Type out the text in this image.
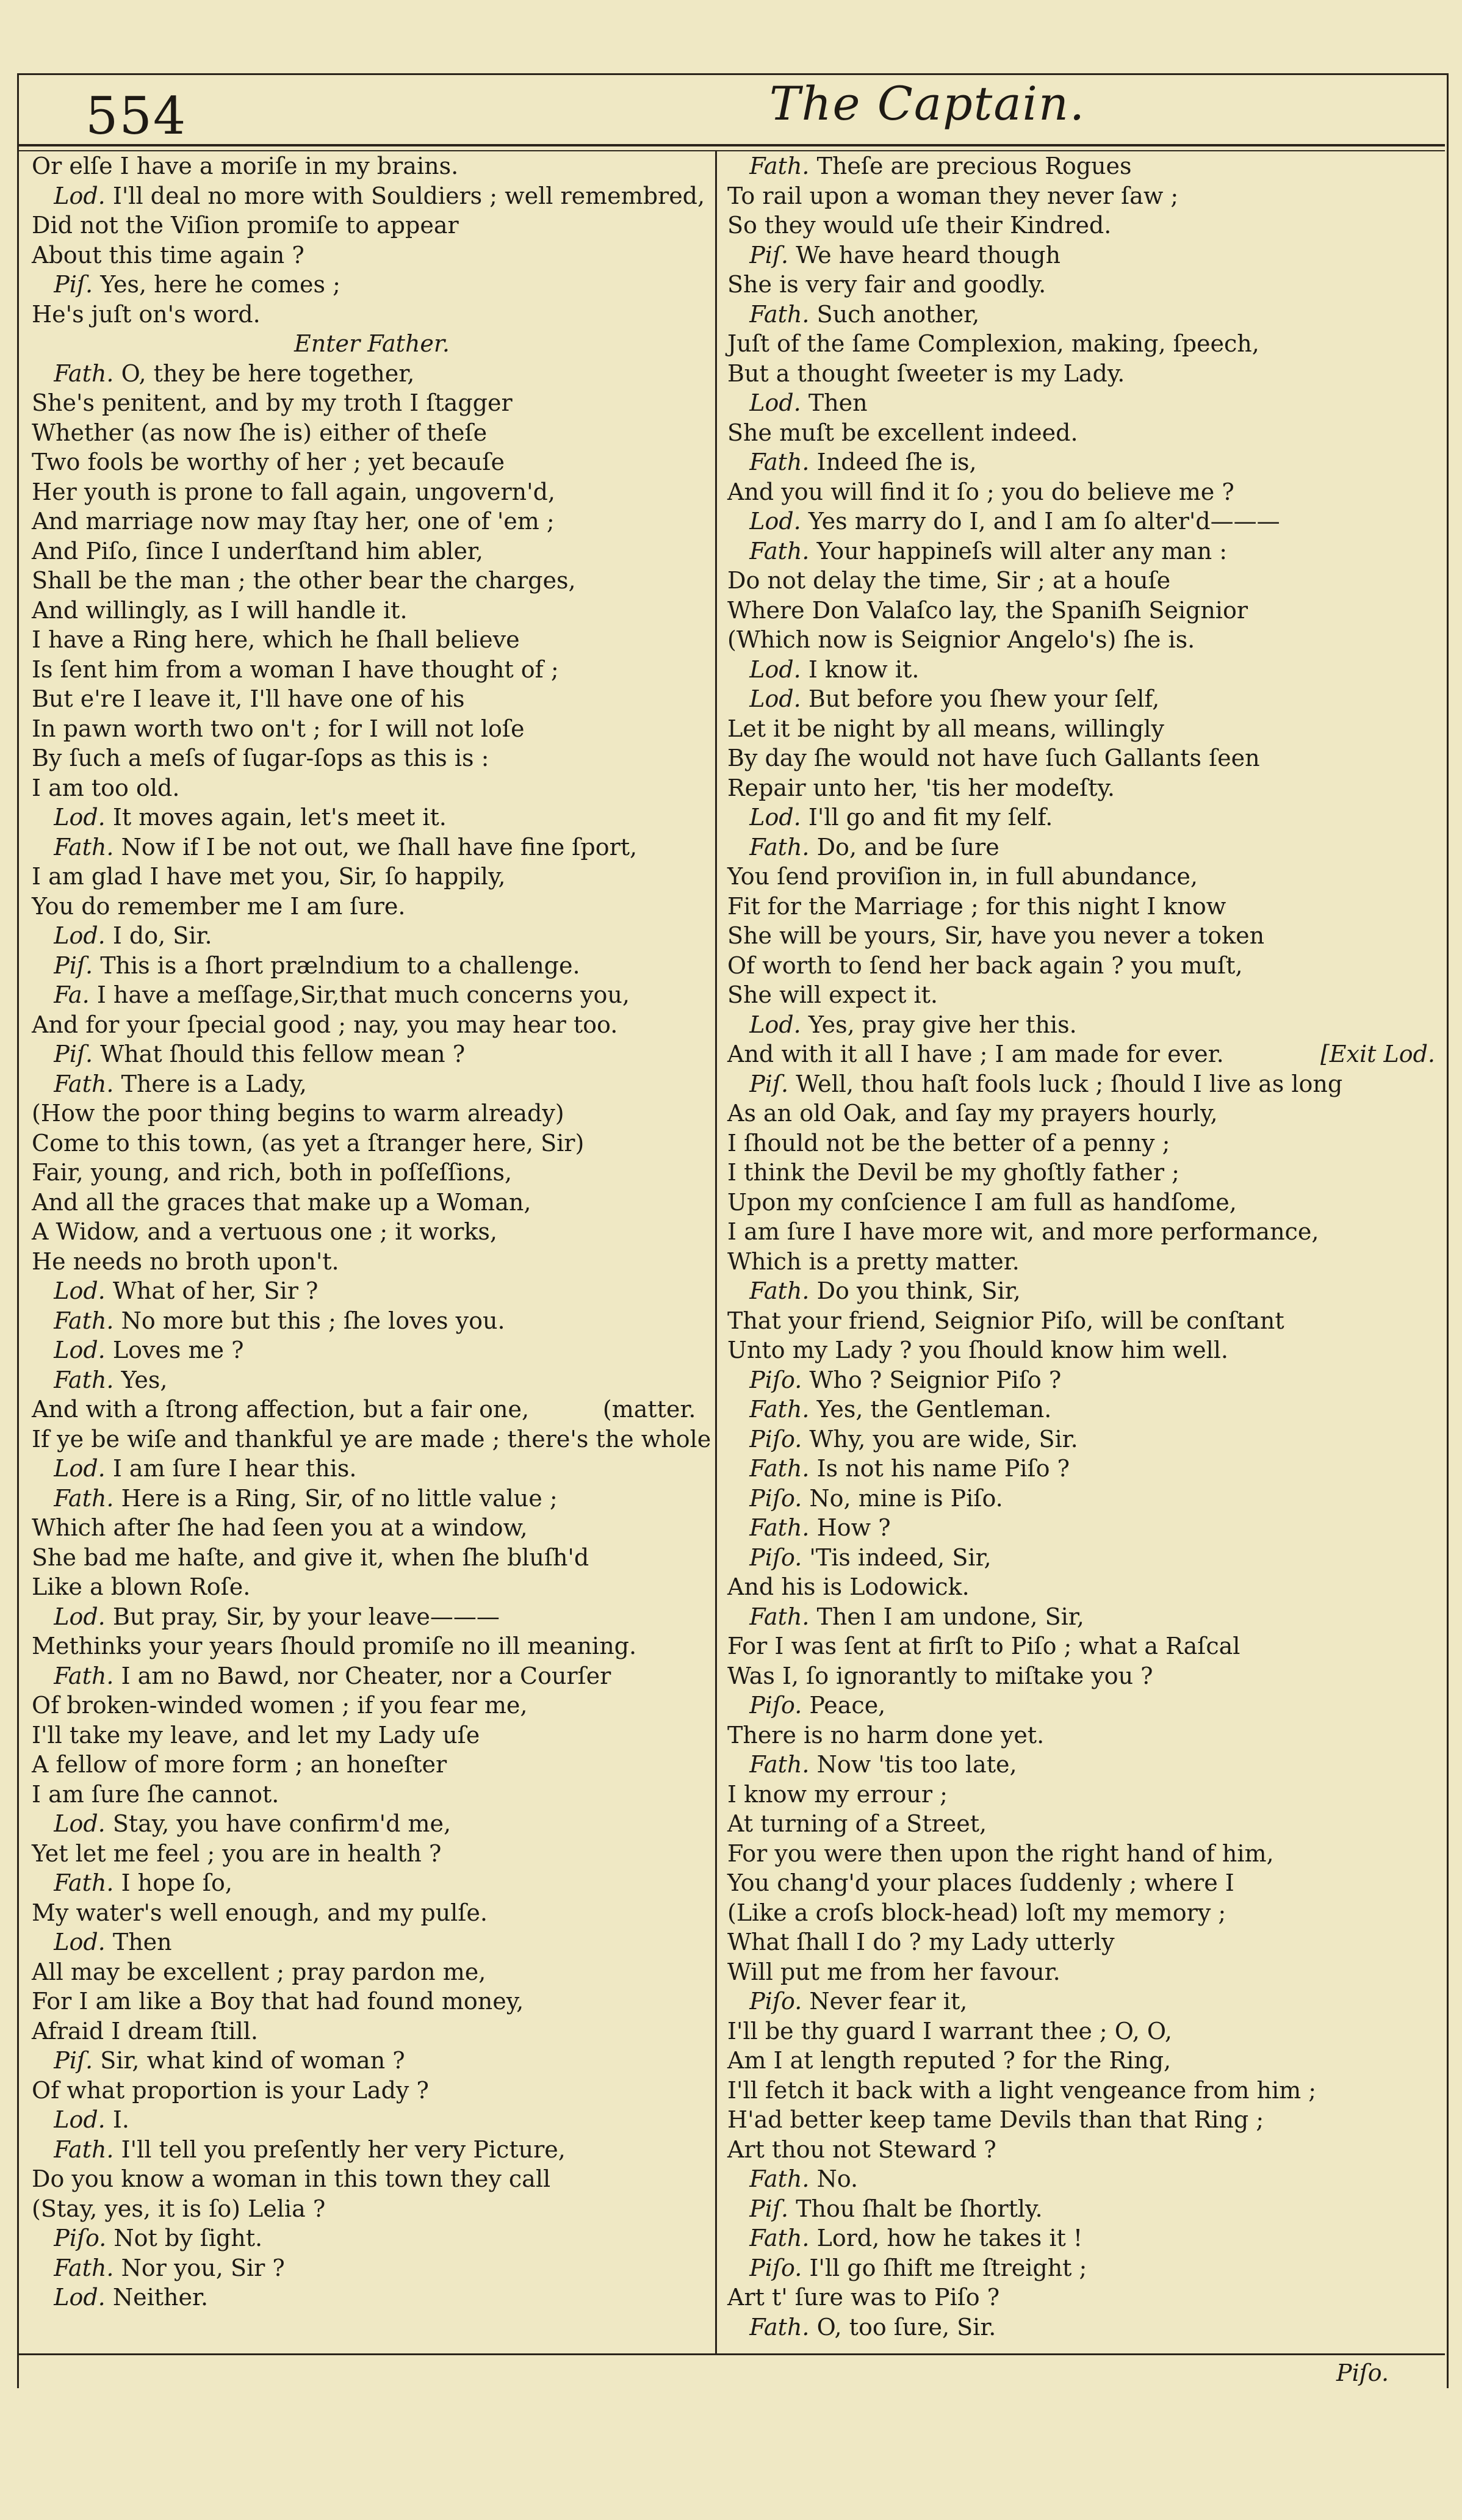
554	The Captain.
Or elſe I have a moriſe in my brains.
Lod. I'll deal no more with Souldiers ; well remembred,
Did not the Viſion promiſe to appear
About this time again ?
Piſ. Yes, here he comes ;
He's juſt on's word.
Enter Father.
Fath. O, they be here together,
She's penitent, and by my troth I ſtagger
Whether (as now ſhe is) either of theſe
Two fools be worthy of her ; yet becauſe
Her youth is prone to fall again, ungovern'd,
And marriage now may ſtay her, one of 'em ;
And Piſo, ſince I underſtand him abler,
Shall be the man ; the other bear the charges,
And willingly, as I will handle it.
I have a Ring here, which he ſhall believe
Is ſent him from a woman I have thought of ;
But e're I leave it, I'll have one of his
In pawn worth two on't ; for I will not loſe
By ſuch a meſs of ſugar-ſops as this is :
I am too old.
Lod. It moves again, let's meet it.
Fath. Now if I be not out, we ſhall have fine ſport,
I am glad I have met you, Sir, ſo happily,
You do remember me I am ſure.
Lod. I do, Sir.
Piſ. This is a ſhort prælndium to a challenge.
Fa. I have a meſſage,Sir,that much concerns you,
And for your ſpecial good ; nay, you may hear too.
Piſ. What ſhould this fellow mean ?
Fath. There is a Lady,
(How the poor thing begins to warm already)
Come to this town, (as yet a ſtranger here, Sir)
Fair, young, and rich, both in poſſeſſions,
And all the graces that make up a Woman,
A Widow, and a vertuous one ; it works,
He needs no broth upon't.
Lod. What of her, Sir ?
Fath. No more but this ; ſhe loves you.
Lod. Loves me ?
Fath. Yes,
And with a ſtrong affection, but a fair one,          (matter.
If ye be wiſe and thankful ye are made ; there's the whole
Lod. I am ſure I hear this.
Fath. Here is a Ring, Sir, of no little value ;
Which after ſhe had ſeen you at a window,
She bad me haſte, and give it, when ſhe bluſh'd
Like a blown Roſe.
Lod. But pray, Sir, by your leave———
Methinks your years ſhould promiſe no ill meaning.
Fath. I am no Bawd, nor Cheater, nor a Courſer
Of broken-winded women ; if you fear me,
I'll take my leave, and let my Lady uſe
A fellow of more form ; an honeſter
I am ſure ſhe cannot.
Lod. Stay, you have confirm'd me,
Yet let me feel ; you are in health ?
Fath. I hope ſo,
My water's well enough, and my pulſe.
Lod. Then
All may be excellent ; pray pardon me,
For I am like a Boy that had found money,
Afraid I dream ſtill.
Piſ. Sir, what kind of woman ?
Of what proportion is your Lady ?
Lod. I.
Fath. I'll tell you preſently her very Picture,
Do you know a woman in this town they call
(Stay, yes, it is ſo) Lelia ?
Piſo. Not by ſight.
Fath. Nor you, Sir ?
Lod. Neither.
Fath. Theſe are precious Rogues
To rail upon a woman they never ſaw ;
So they would uſe their Kindred.
Piſ. We have heard though
She is very fair and goodly.
Fath. Such another,
Juſt of the ſame Complexion, making, ſpeech,
But a thought ſweeter is my Lady.
Lod. Then
She muſt be excellent indeed.
Fath. Indeed ſhe is,
And you will find it ſo ; you do believe me ?
Lod. Yes marry do I, and I am ſo alter'd———
Fath. Your happineſs will alter any man :
Do not delay the time, Sir ; at a houſe
Where Don Valaſco lay, the Spaniſh Seignior
(Which now is Seignior Angelo's) ſhe is.
Lod. I know it.
Lod. But before you ſhew your ſelf,
Let it be night by all means, willingly
By day ſhe would not have ſuch Gallants ſeen
Repair unto her, 'tis her modeſty.
Lod. I'll go and fit my ſelf.
Fath. Do, and be ſure
You ſend proviſion in, in full abundance,
Fit for the Marriage ; for this night I know
She will be yours, Sir, have you never a token
Of worth to ſend her back again ? you muſt,
She will expect it.
Lod. Yes, pray give her this.
And with it all I have ; I am made for ever.	[Exit Lod.
Piſ. Well, thou haſt fools luck ; ſhould I live as long
As an old Oak, and ſay my prayers hourly,
I ſhould not be the better of a penny ;
I think the Devil be my ghoſtly father ;
Upon my conſcience I am full as handſome,
I am ſure I have more wit, and more performance,
Which is a pretty matter.
Fath. Do you think, Sir,
That your friend, Seignior Piſo, will be conſtant
Unto my Lady ? you ſhould know him well.
Piſo. Who ? Seignior Piſo ?
Fath. Yes, the Gentleman.
Piſo. Why, you are wide, Sir.
Fath. Is not his name Piſo ?
Piſo. No, mine is Piſo.
Fath. How ?
Piſo. 'Tis indeed, Sir,
And his is Lodowick.
Fath. Then I am undone, Sir,
For I was ſent at firſt to Piſo ; what a Raſcal
Was I, ſo ignorantly to miſtake you ?
Piſo. Peace,
There is no harm done yet.
Fath. Now 'tis too late,
I know my errour ;
At turning of a Street,
For you were then upon the right hand of him,
You chang'd your places ſuddenly ; where I
(Like a croſs block-head) loſt my memory ;
What ſhall I do ? my Lady utterly
Will put me from her favour.
Piſo. Never fear it,
I'll be thy guard I warrant thee ; O, O,
Am I at length reputed ? for the Ring,
I'll fetch it back with a light vengeance from him ;
H'ad better keep tame Devils than that Ring ;
Art thou not Steward ?
Fath. No.
Piſ. Thou ſhalt be ſhortly.
Fath. Lord, how he takes it !
Piſo. I'll go ſhift me ſtreight ;
Art t' ſure was to Piſo ?
Fath. O, too ſure, Sir.
Piſo.
